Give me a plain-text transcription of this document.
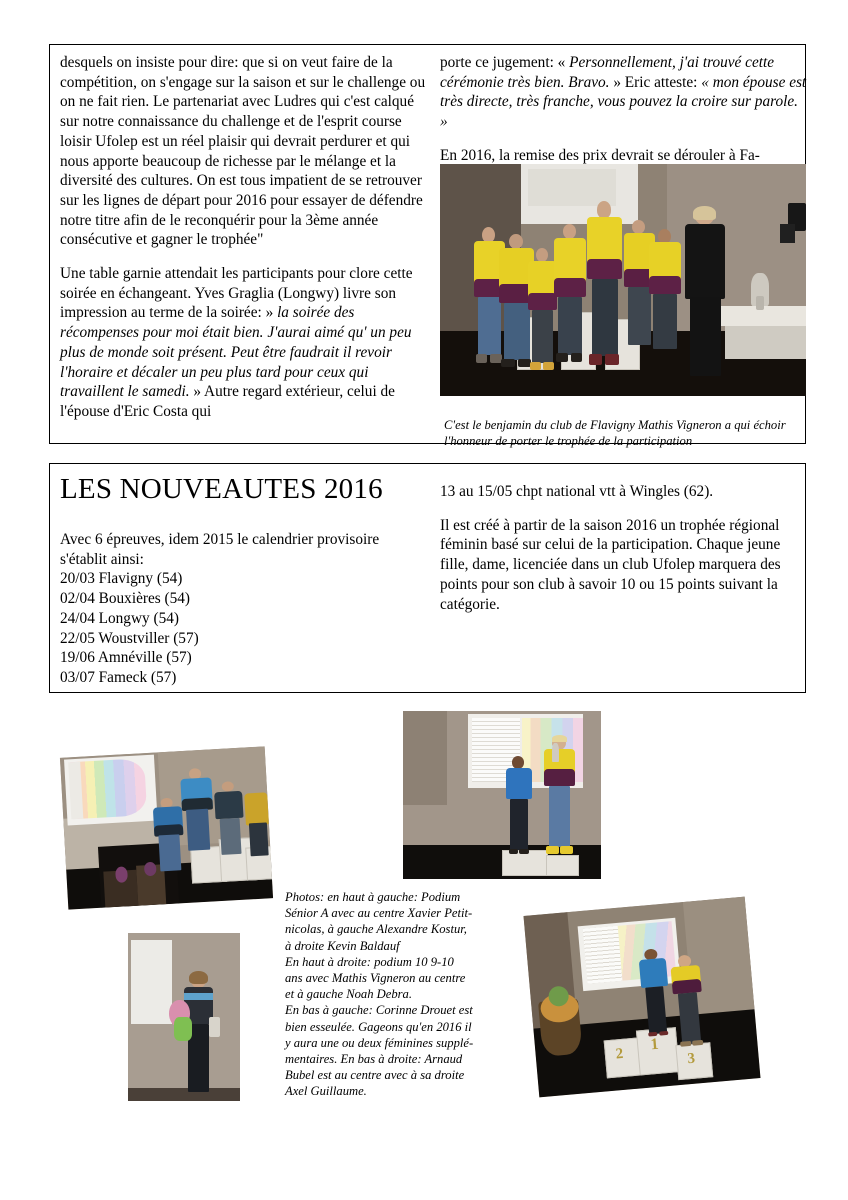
desquels on insiste pour dire: que si on veut faire de la compétition, on s'engage sur la saison et sur le challenge ou on ne fait rien. Le partenariat avec Ludres qui c'est calqué sur notre connaissance du challenge et de l'esprit course loisir Ufolep est un réel plaisir qui devrait perdurer et qui nous apporte beaucoup de richesse par le mélange et la diversité des cultures. On est tous impatient de se retrouver sur les lignes de départ pour 2016 pour essayer de défendre notre titre afin de le reconquérir pour la 3ème année consécutive et gagner le trophée"

Une table garnie attendait les participants pour clore cette soirée en échangeant. Yves Graglia (Longwy) livre son impression au terme de la soirée: » la soirée des récompenses pour moi était bien. J'aurai aimé qu' un peu plus de monde soit présent. Peut être faudrait il revoir l'horaire et décaler un peu plus tard pour ceux qui travaillent le samedi. » Autre regard extérieur, celui de l'épouse d'Eric Costa qui

porte ce jugement: « Personnellement, j'ai trouvé cette cérémonie très bien. Bravo. » Eric atteste: « mon épouse est très directe, très franche, vous pouvez la croire sur parole. »

En 2016, la remise des prix devrait se dérouler à Fa-

C'est le benjamin du club de Flavigny Mathis Vigneron a qui échoir l'honneur de porter le trophée de la participation

LES NOUVEAUTES 2016

Avec 6 épreuves, idem 2015 le calendrier provisoire s'établit ainsi:

20/03 Flavigny (54)
02/04 Bouxières (54)
24/04 Longwy (54)
22/05 Woustviller (57)
19/06 Amnéville (57)
03/07 Fameck (57)

13 au 15/05 chpt national vtt à Wingles (62).

Il est créé à partir de la saison 2016 un trophée régional féminin basé sur celui de la participation. Chaque jeune fille, dame, licenciée dans un club Ufolep marquera des points pour son club à savoir 10 ou 15 points suivant la catégorie.

2
1
3
Photos: en haut à gauche: Podium
Sénior A avec au centre Xavier Petit-
nicolas, à gauche Alexandre Kostur,
à droite Kevin Baldauf
En haut à droite: podium 10 9-10
ans avec Mathis Vigneron au centre
et à gauche Noah Debra.
En bas à gauche: Corinne Drouet est
bien esseulée. Gageons qu'en 2016 il
y aura une ou deux féminines supplé-
mentaires. En bas à droite: Arnaud
Bubel est au centre avec à sa droite
Axel Guillaume.
